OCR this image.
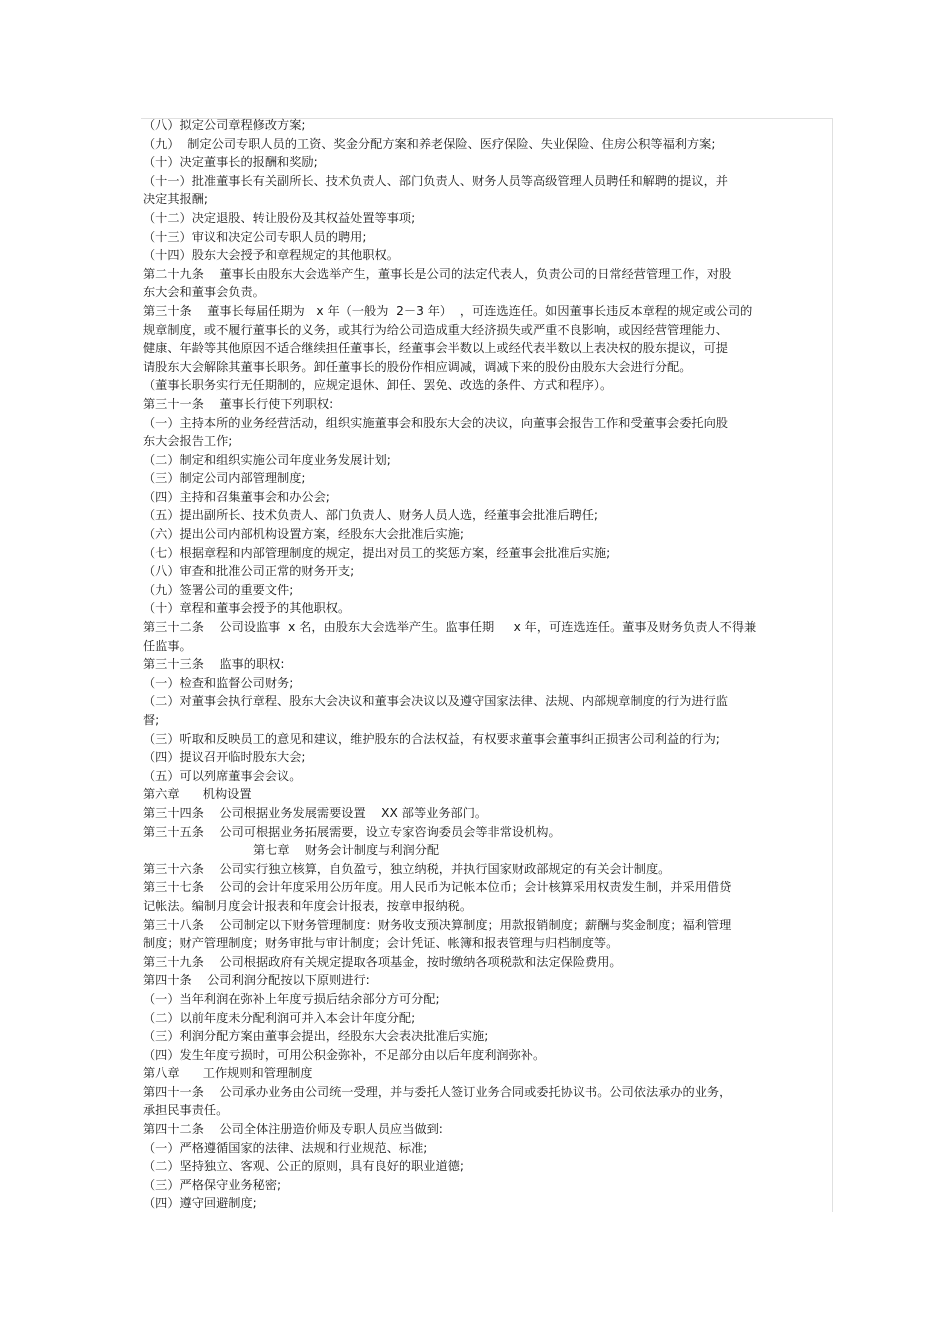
（八）拟定公司章程修改方案;
（九）  制定公司专职人员的工资、奖金分配方案和养老保险、医疗保险、失业保险、住房公积等福利方案;
（十）决定董事长的报酬和奖励;
（十一）批准董事长有关副所长、技术负责人、部门负责人、财务人员等高级管理人员聘任和解聘的提议，并
决定其报酬;
（十二）决定退股、转让股份及其权益处置等事项;
（十三）审议和决定公司专职人员的聘用;
（十四）股东大会授予和章程规定的其他职权。
第二十九条    董事长由股东大会选举产生，董事长是公司的法定代表人，负责公司的日常经营管理工作，对股
东大会和董事会负责。
第三十条    董事长每届任期为   x 年（一般为  2－3 年）  ，可连选连任。如因董事长违反本章程的规定或公司的
规章制度，或不履行董事长的义务，或其行为给公司造成重大经济损失或严重不良影响，或因经营管理能力、
健康、年龄等其他原因不适合继续担任董事长，经董事会半数以上或经代表半数以上表决权的股东提议，可提
请股东大会解除其董事长职务。卸任董事长的股份作相应调减，调减下来的股份由股东大会进行分配。
（董事长职务实行无任期制的，应规定退休、卸任、罢免、改选的条件、方式和程序）。
第三十一条    董事长行使下列职权:
（一）主持本所的业务经营活动，组织实施董事会和股东大会的决议，向董事会报告工作和受董事会委托向股
东大会报告工作;
（二）制定和组织实施公司年度业务发展计划;
（三）制定公司内部管理制度;
（四）主持和召集董事会和办公会;
（五）提出副所长、技术负责人、部门负责人、财务人员人选，经董事会批准后聘任;
（六）提出公司内部机构设置方案，经股东大会批准后实施;
（七）根据章程和内部管理制度的规定，提出对员工的奖惩方案，经董事会批准后实施;
（八）审查和批准公司正常的财务开支;
（九）签署公司的重要文件;
（十）章程和董事会授予的其他职权。
第三十二条    公司设监事  x 名，由股东大会选举产生。监事任期     x 年，可连选连任。董事及财务负责人不得兼
任监事。
第三十三条    监事的职权:
（一）检查和监督公司财务;
（二）对董事会执行章程、股东大会决议和董事会决议以及遵守国家法律、法规、内部规章制度的行为进行监
督;
（三）听取和反映员工的意见和建议，维护股东的合法权益，有权要求董事会董事纠正损害公司利益的行为;
（四）提议召开临时股东大会;
（五）可以列席董事会会议。
第六章      机构设置
第三十四条    公司根据业务发展需要设置    XX 部等业务部门。
第三十五条    公司可根据业务拓展需要，设立专家咨询委员会等非常设机构。
第七章    财务会计制度与利润分配
第三十六条    公司实行独立核算，自负盈亏，独立纳税，并执行国家财政部规定的有关会计制度。
第三十七条    公司的会计年度采用公历年度。用人民币为记帐本位币；会计核算采用权责发生制，并采用借贷
记帐法。编制月度会计报表和年度会计报表，按章申报纳税。
第三十八条    公司制定以下财务管理制度：财务收支预决算制度；用款报销制度；薪酬与奖金制度；福利管理
制度；财产管理制度；财务审批与审计制度；会计凭证、帐簿和报表管理与归档制度等。
第三十九条    公司根据政府有关规定提取各项基金，按时缴纳各项税款和法定保险费用。
第四十条    公司利润分配按以下原则进行:
（一）当年利润在弥补上年度亏损后结余部分方可分配;
（二）以前年度未分配利润可并入本会计年度分配;
（三）利润分配方案由董事会提出，经股东大会表决批准后实施;
（四）发生年度亏损时，可用公积金弥补，不足部分由以后年度利润弥补。
第八章      工作规则和管理制度
第四十一条    公司承办业务由公司统一受理，并与委托人签订业务合同或委托协议书。公司依法承办的业务，
承担民事责任。
第四十二条    公司全体注册造价师及专职人员应当做到:
（一）严格遵循国家的法律、法规和行业规范、标准;
（二）坚持独立、客观、公正的原则，具有良好的职业道德;
（三）严格保守业务秘密;
（四）遵守回避制度;
